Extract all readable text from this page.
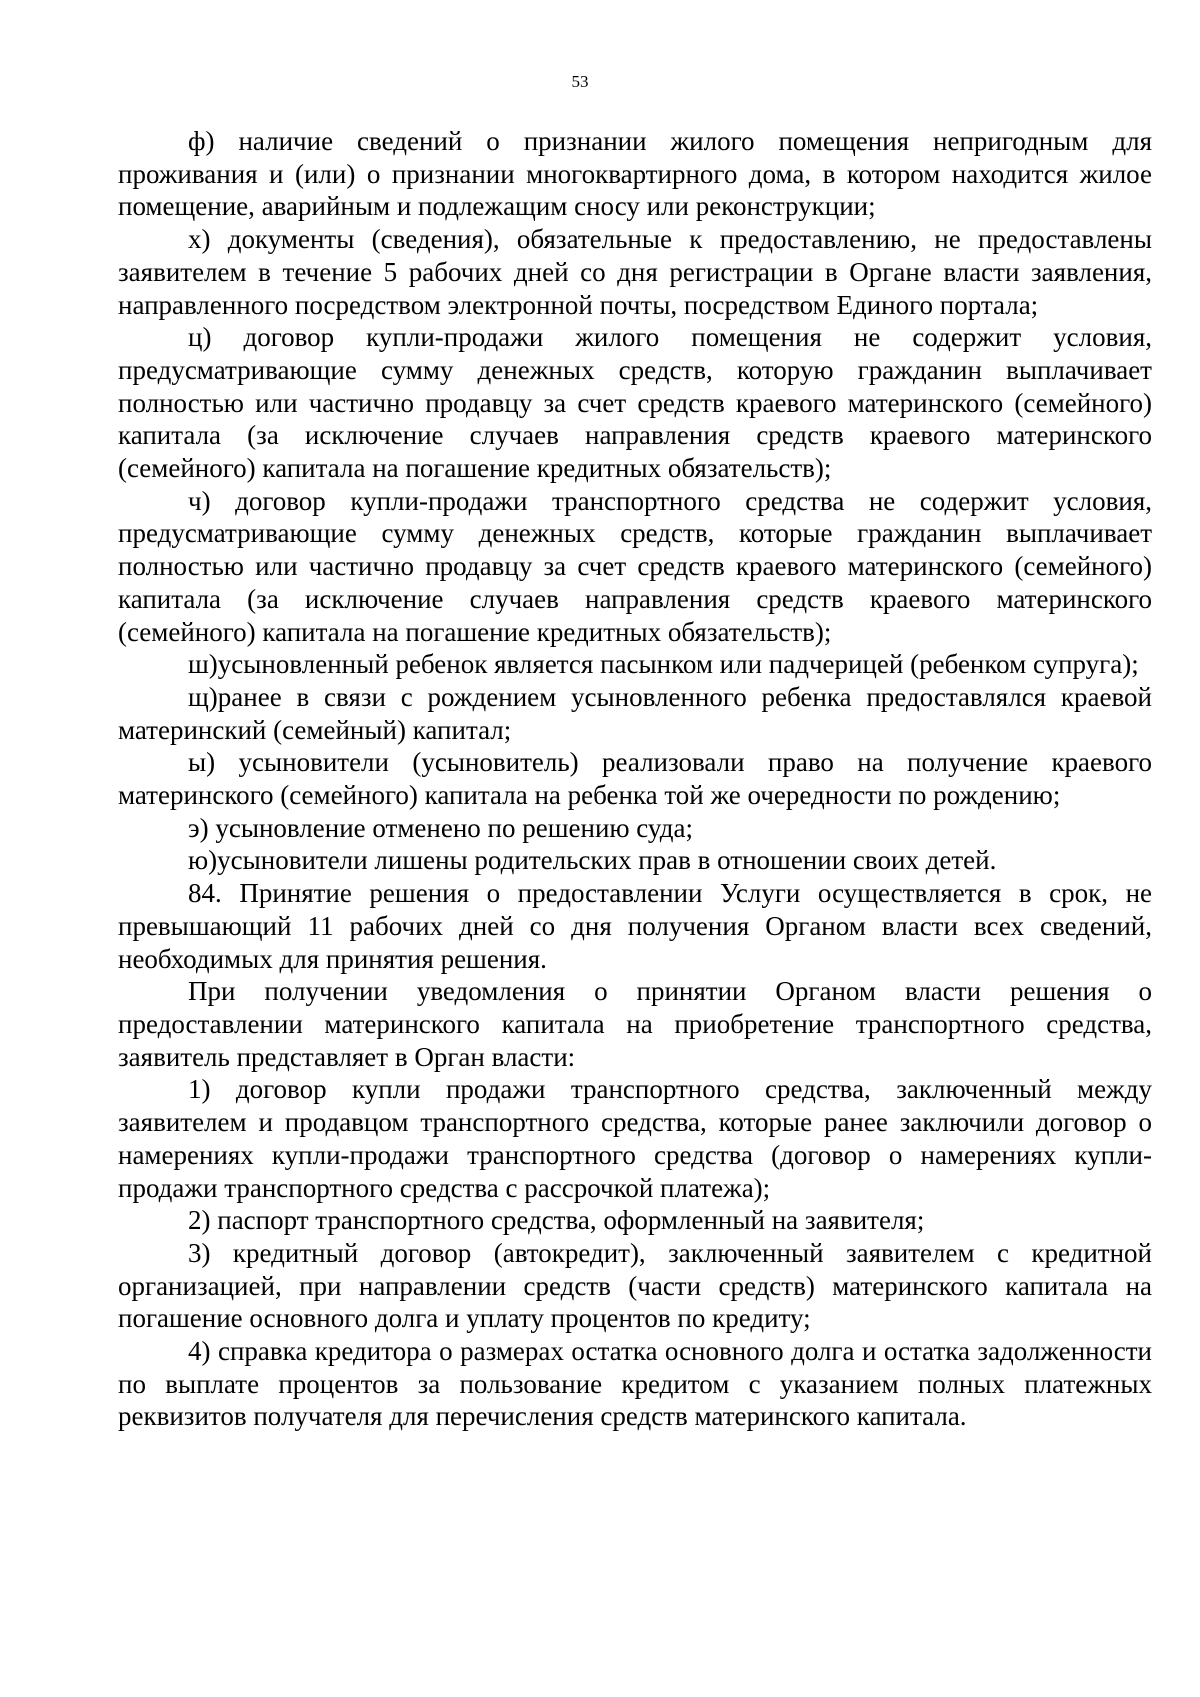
53

ф) наличие сведений о признании жилого помещения непригодным для проживания и (или) о признании многоквартирного дома, в котором находится жилое помещение, аварийным и подлежащим сносу или реконструкции;

х) документы (сведения), обязательные к предоставлению, не предоставлены заявителем в течение 5 рабочих дней со дня регистрации в Органе власти заявления, направленного посредством электронной почты, посредством Единого портала;

ц) договор купли-продажи жилого помещения не содержит условия, предусматривающие сумму денежных средств, которую гражданин выплачивает полностью или частично продавцу за счет средств краевого материнского (семейного) капитала (за исключение случаев направления средств краевого материнского (семейного) капитала на погашение кредитных обязательств);

ч) договор купли-продажи транспортного средства не содержит условия, предусматривающие сумму денежных средств, которые гражданин выплачивает полностью или частично продавцу за счет средств краевого материнского (семейного) капитала (за исключение случаев направления средств краевого материнского (семейного) капитала на погашение кредитных обязательств);

ш)усыновленный ребенок является пасынком или падчерицей (ребенком супруга);

щ)ранее в связи с рождением усыновленного ребенка предоставлялся краевой материнский (семейный) капитал;

ы) усыновители (усыновитель) реализовали право на получение краевого материнского (семейного) капитала на ребенка той же очередности по рождению;

э) усыновление отменено по решению суда;

ю)усыновители лишены родительских прав в отношении своих детей.

84. Принятие решения о предоставлении Услуги осуществляется в срок, не превышающий 11 рабочих дней со дня получения Органом власти всех сведений, необходимых для принятия решения.

При получении уведомления о принятии Органом власти решения о предоставлении материнского капитала на приобретение транспортного средства, заявитель представляет в Орган власти:

1) договор купли продажи транспортного средства, заключенный между заявителем и продавцом транспортного средства, которые ранее заключили договор о намерениях купли-продажи транспортного средства (договор о намерениях купли-продажи транспортного средства с рассрочкой платежа);

2) паспорт транспортного средства, оформленный на заявителя;

3) кредитный договор (автокредит), заключенный заявителем с кредитной организацией, при направлении средств (части средств) материнского капитала на погашение основного долга и уплату процентов по кредиту;

4) справка кредитора о размерах остатка основного долга и остатка задолженности по выплате процентов за пользование кредитом с указанием полных платежных реквизитов получателя для перечисления средств материнского капитала.
